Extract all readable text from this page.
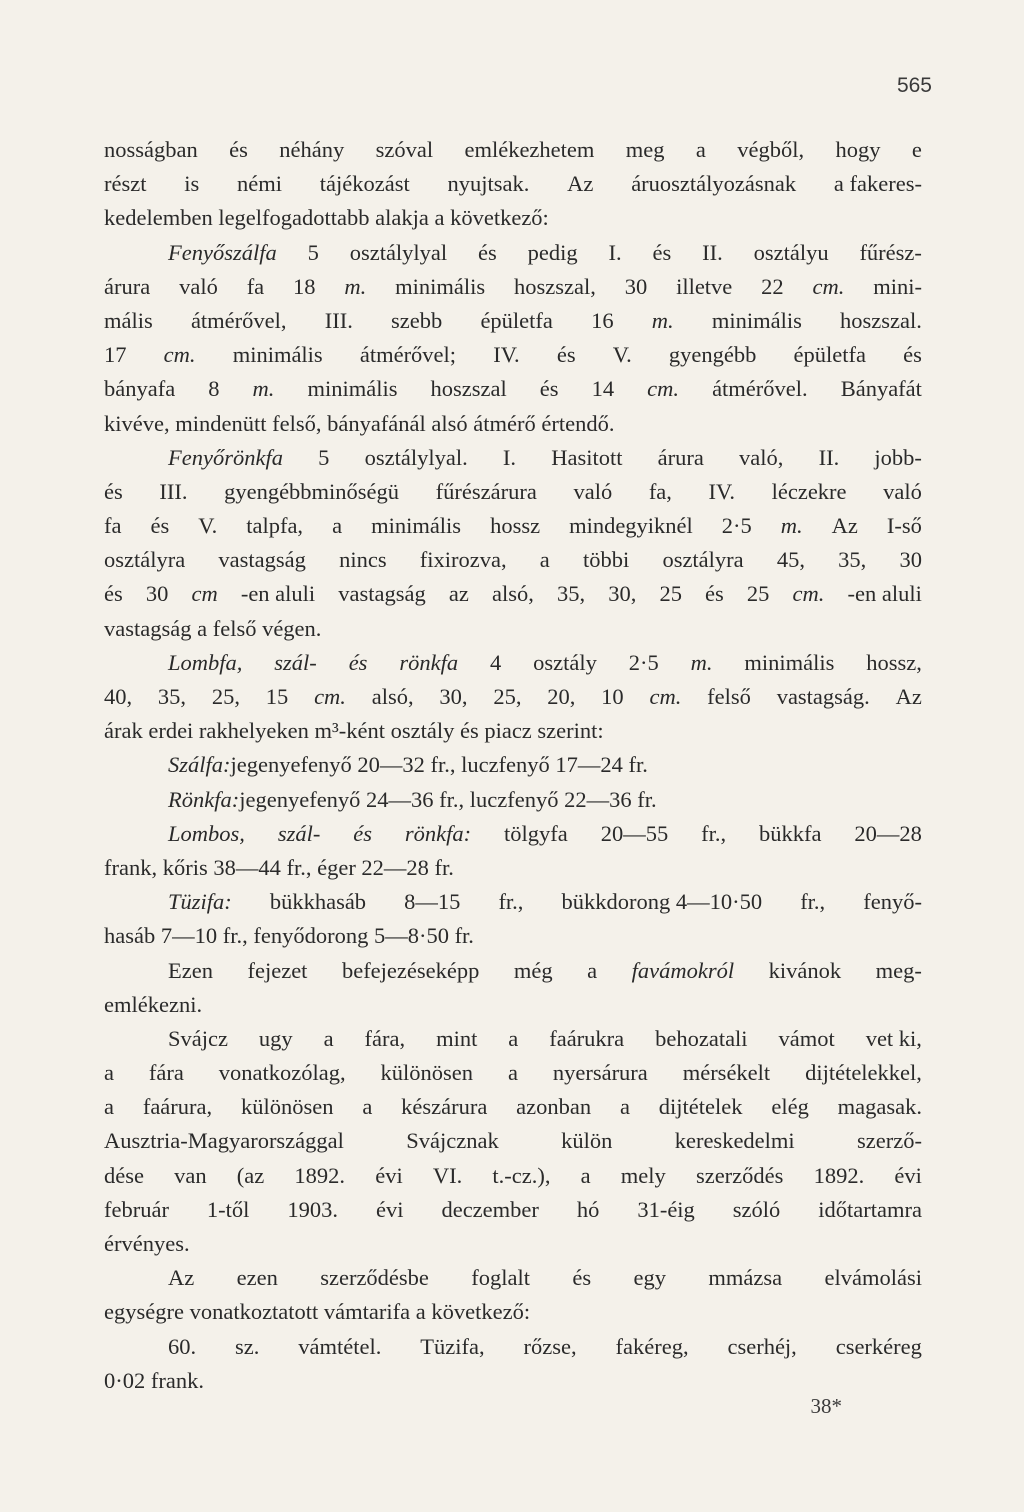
565
nosságban és néhány szóval emlékezhetem meg a végből, hogy e
részt is némi tájékozást nyujtsak. Az áruosztályozásnak a fakeres-
kedelemben legelfogadottabb alakja a következő:
Fenyőszálfa 5 osztálylyal és pedig I. és II. osztályu fűrész-
árura való fa 18 m. minimális hoszszal, 30 illetve 22 cm. mini-
mális átmérővel, III. szebb épületfa 16 m. minimális hoszszal.
17 cm. minimális átmérővel; IV. és V. gyengébb épületfa és
bányafa 8 m. minimális hoszszal és 14 cm. átmérővel. Bányafát
kivéve, mindenütt felső, bányafánál alsó átmérő értendő.
Fenyőrönkfa 5 osztálylyal. I. Hasitott árura való, II. jobb-
és III. gyengébbminőségü fűrészárura való fa, IV. léczekre való
fa és V. talpfa, a minimális hossz mindegyiknél 2·5 m. Az I-ső
osztályra vastagság nincs fixirozva, a többi osztályra 45, 35, 30
és 30 cm -en aluli vastagság az alsó, 35, 30, 25 és 25 cm. -en aluli
vastagság a felső végen.
Lombfa, szál- és rönkfa 4 osztály 2·5 m. minimális hossz,
40, 35, 25, 15 cm. alsó, 30, 25, 20, 10 cm. felső vastagság. Az
árak erdei rakhelyeken m³-ként osztály és piacz szerint:
Szálfa: jegenyefenyő 20—32 fr., luczfenyő 17—24 fr.
Rönkfa: jegenyefenyő 24—36 fr., luczfenyő 22—36 fr.
Lombos, szál- és rönkfa: tölgyfa 20—55 fr., bükkfa 20—28
frank, kőris 38—44 fr., éger 22—28 fr.
Tüzifa: bükkhasáb 8—15 fr., bükkdorong 4—10·50 fr., fenyő-
hasáb 7—10 fr., fenyődorong 5—8·50 fr.
Ezen fejezet befejezéseképp még a favámokról kivánok meg-
emlékezni.
Svájcz ugy a fára, mint a faárukra behozatali vámot vet ki,
a fára vonatkozólag, különösen a nyersárura mérsékelt dijtételekkel,
a faárura, különösen a készárura azonban a dijtételek elég magasak.
Ausztria-Magyarországgal	Svájcznak	külön	kereskedelmi	szerző-
dése van (az 1892. évi VI. t.-cz.), a mely szerződés 1892. évi
február 1-től 1903. évi deczember hó 31-éig szóló időtartamra
érvényes.
Az ezen szerződésbe foglalt és egy mmázsa elvámolási
egységre vonatkoztatott vámtarifa a következő:
60. sz. vámtétel. Tüzifa, rőzse, fakéreg, cserhéj, cserkéreg
0·02 frank.
38*
